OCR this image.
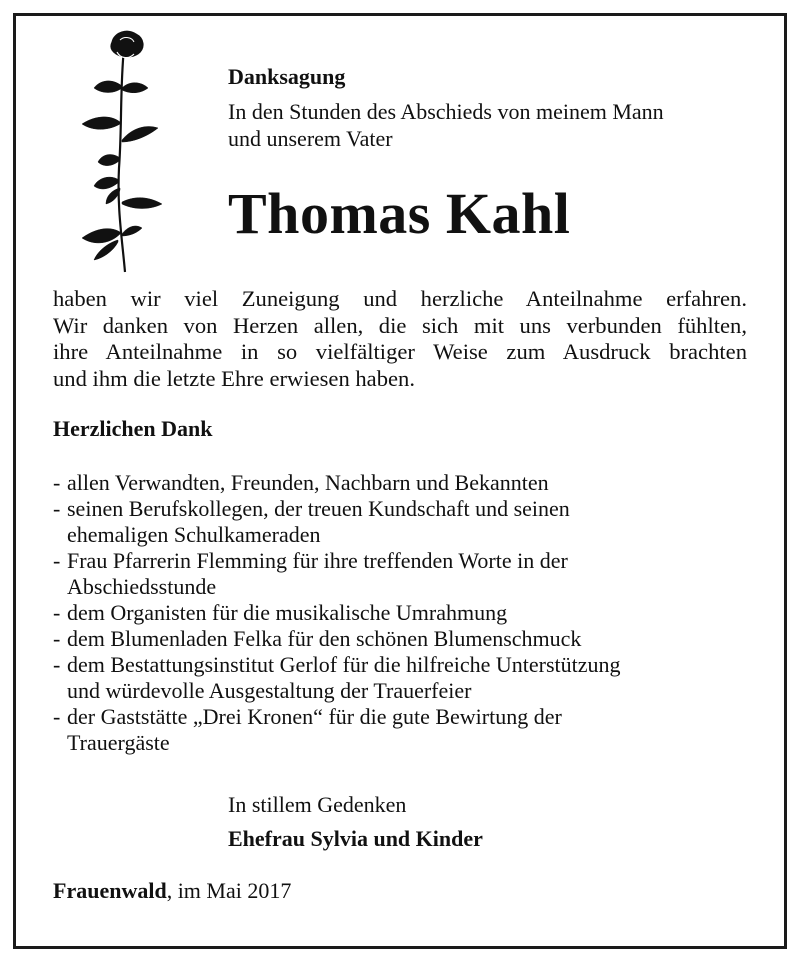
Danksagung
In den Stunden des Abschieds von meinem Mann
und unserem Vater
Thomas Kahl
haben wir viel Zuneigung und herzliche Anteilnahme erfahren.
Wir danken von Herzen allen, die sich mit uns verbunden fühlten,
ihre Anteilnahme in so vielfältiger Weise zum Ausdruck brachten
und ihm die letzte Ehre erwiesen haben.
Herzlichen Dank
- allen Verwandten, Freunden, Nachbarn und Bekannten
- seinen Berufskollegen, der treuen Kundschaft und seinen
ehemaligen Schulkameraden
- Frau Pfarrerin Flemming für ihre treffenden Worte in der
Abschiedsstunde
- dem Organisten für die musikalische Umrahmung
- dem Blumenladen Felka für den schönen Blumenschmuck
- dem Bestattungsinstitut Gerlof für die hilfreiche Unterstützung
und würdevolle Ausgestaltung der Trauerfeier
- der Gaststätte „Drei Kronen“ für die gute Bewirtung der
Trauergäste
In stillem Gedenken
Ehefrau Sylvia und Kinder
Frauenwald, im Mai 2017
